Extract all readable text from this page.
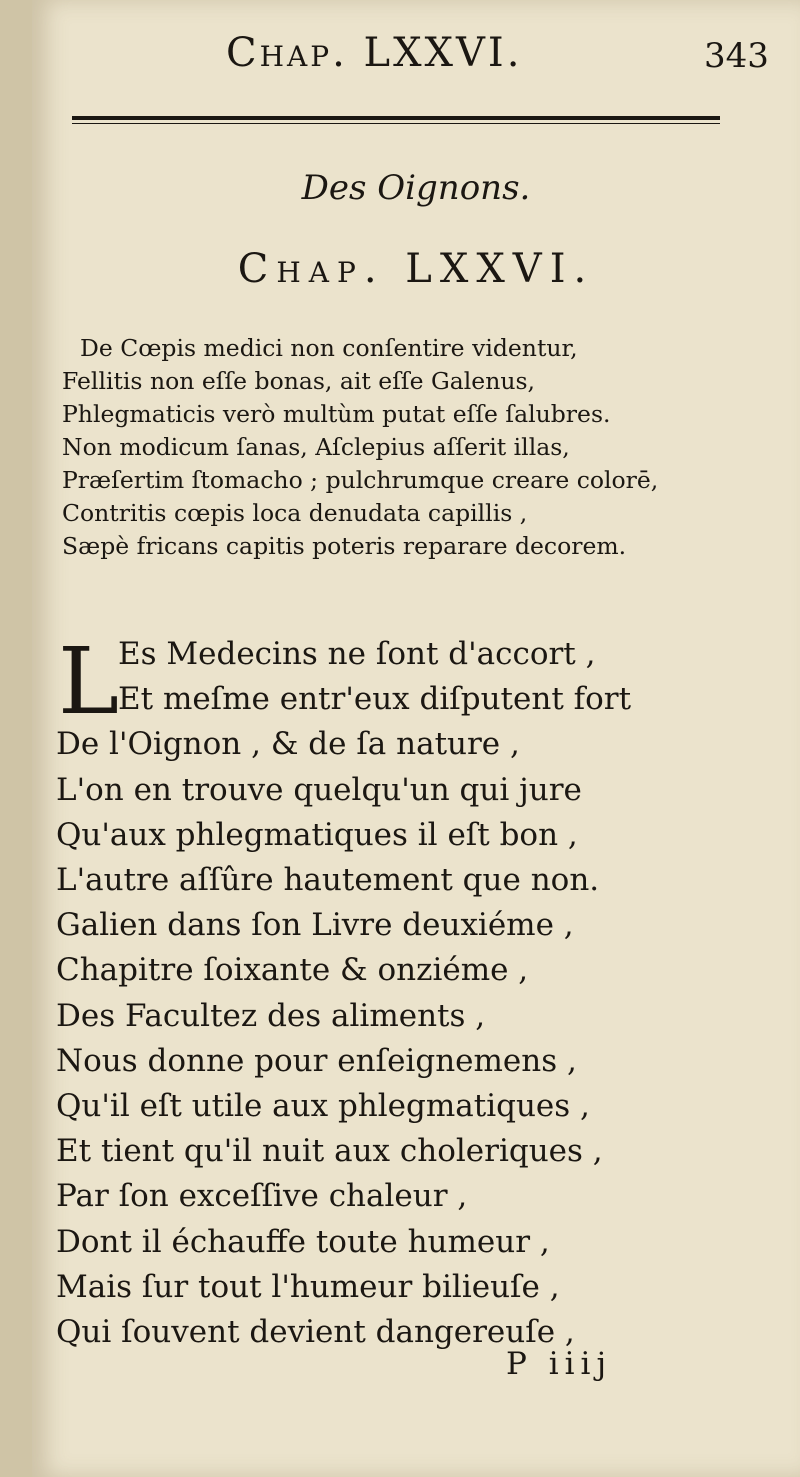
Chap. LXXVI.	343
Des Oignons.
Chap. LXXVI.
De Cœpis medici non conſentire videntur,
Fellitis non eſſe bonas, ait eſſe Galenus,
Phlegmaticis verò multùm putat eſſe ſalubres.
Non modicum ſanas, Aſclepius aſſerit illas,
Præſertim ſtomacho ; pulchrumque creare colorē,
Contritis cœpis loca denudata capillis ,
Sæpè fricans capitis poteris reparare decorem.
L
Es Medecins ne ſont d'accort ,
Et meſme entr'eux diſputent fort
De l'Oignon , & de ſa nature ,
L'on en trouve quelqu'un qui jure
Qu'aux phlegmatiques il eſt bon ,
L'autre aſſûre hautement que non.
Galien dans ſon Livre deuxiéme ,
Chapitre ſoixante & onziéme ,
Des Facultez des aliments ,
Nous donne pour enſeignemens ,
Qu'il eſt utile aux phlegmatiques ,
Et tient qu'il nuit aux choleriques ,
Par ſon exceſſive chaleur ,
Dont il échauffe toute humeur ,
Mais ſur tout l'humeur bilieuſe ,
Qui ſouvent devient dangereuſe ,
P iiij
